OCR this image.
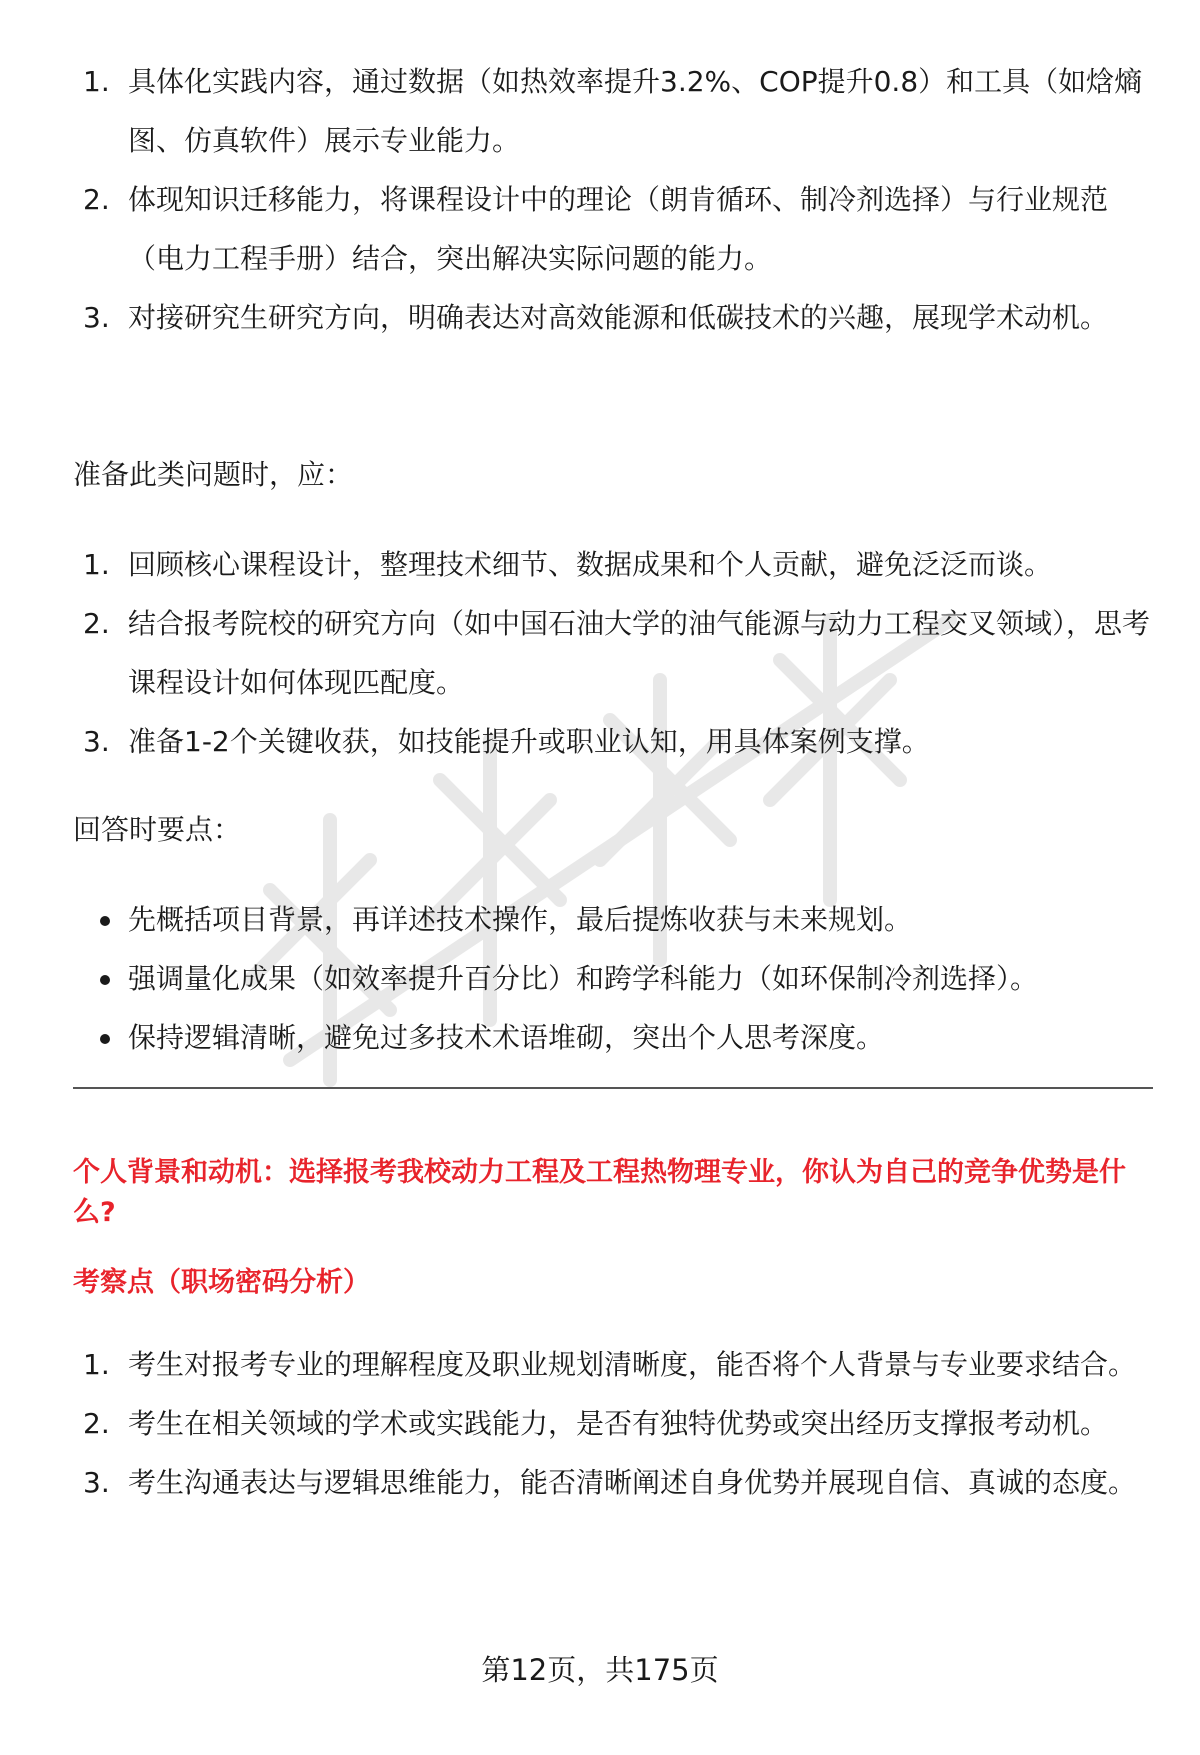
1. 具体化实践内容，通过数据（如热效率提升3.2%、COP提升0.8）和工具（如焓熵图、仿真软件）展示专业能力。
2. 体现知识迁移能力，将课程设计中的理论（朗肯循环、制冷剂选择）与行业规范（电力工程手册）结合，突出解决实际问题的能力。
3. 对接研究生研究方向，明确表达对高效能源和低碳技术的兴趣，展现学术动机。

准备此类问题时，应：

1. 回顾核心课程设计，整理技术细节、数据成果和个人贡献，避免泛泛而谈。
2. 结合报考院校的研究方向（如中国石油大学的油气能源与动力工程交叉领域），思考课程设计如何体现匹配度。
3. 准备1-2个关键收获，如技能提升或职业认知，用具体案例支撑。

回答时要点：

先概括项目背景，再详述技术操作，最后提炼收获与未来规划。
强调量化成果（如效率提升百分比）和跨学科能力（如环保制冷剂选择）。
保持逻辑清晰，避免过多技术术语堆砌，突出个人思考深度。

个人背景和动机：选择报考我校动力工程及工程热物理专业，你认为自己的竞争优势是什么?

考察点（职场密码分析）

1. 考生对报考专业的理解程度及职业规划清晰度，能否将个人背景与专业要求结合。
2. 考生在相关领域的学术或实践能力，是否有独特优势或突出经历支撑报考动机。
3. 考生沟通表达与逻辑思维能力，能否清晰阐述自身优势并展现自信、真诚的态度。
第12页，共175页
